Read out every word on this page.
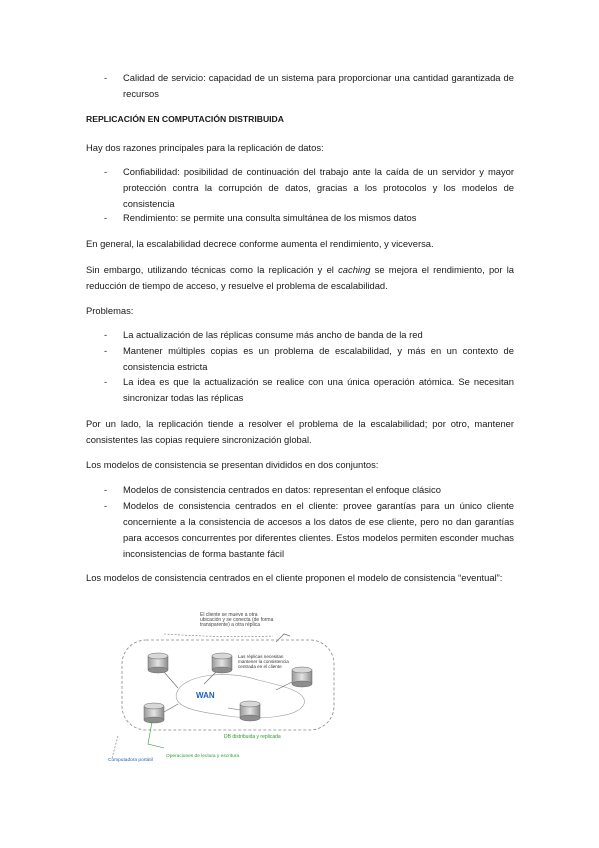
- Calidad de servicio: capacidad de un sistema para proporcionar una cantidad garantizada de recursos
REPLICACIÓN EN COMPUTACIÓN DISTRIBUIDA
Hay dos razones principales para la replicación de datos:
- Confiabilidad: posibilidad de continuación del trabajo ante la caída de un servidor y mayor protección contra la corrupción de datos, gracias a los protocolos y los modelos de consistencia
- Rendimiento: se permite una consulta simultánea de los mismos datos
En general, la escalabilidad decrece conforme aumenta el rendimiento, y viceversa.
Sin embargo, utilizando técnicas como la replicación y el caching se mejora el rendimiento, por la reducción de tiempo de acceso, y resuelve el problema de escalabilidad.
Problemas:
- La actualización de las réplicas consume más ancho de banda de la red
- Mantener múltiples copias es un problema de escalabilidad, y más en un contexto de consistencia estricta
- La idea es que la actualización se realice con una única operación atómica. Se necesitan sincronizar todas las réplicas
Por un lado, la replicación tiende a resolver el problema de la escalabilidad; por otro, mantener consistentes las copias requiere sincronización global.
Los modelos de consistencia se presentan divididos en dos conjuntos:
- Modelos de consistencia centrados en datos: representan el enfoque clásico
- Modelos de consistencia centrados en el cliente: provee garantías para un único cliente concerniente a la consistencia de accesos a los datos de ese cliente, pero no dan garantías para accesos concurrentes por diferentes clientes. Estos modelos permiten esconder muchas inconsistencias de forma bastante fácil
Los modelos de consistencia centrados en el cliente proponen el modelo de consistencia “eventual”:
El cliente se mueve a otra ubicación y se conecta (de forma transparente) a otra réplica
WAN
Las réplicas necesitan mantener la consistencia centrada en el cliente
DB distribuida y replicada
Computadora portátil
Operaciones de lectura y escritura
